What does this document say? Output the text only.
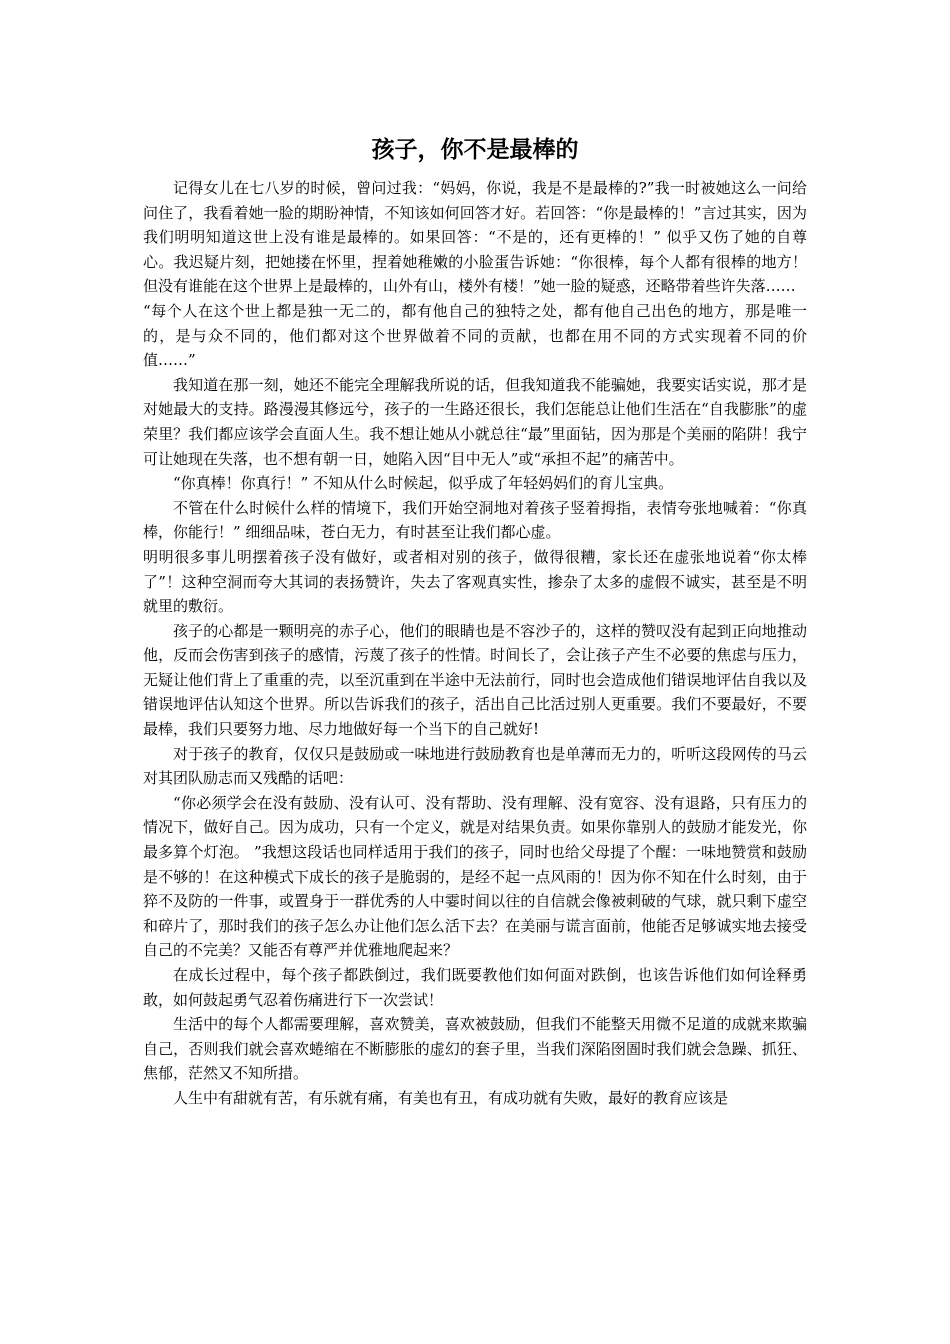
孩子，你不是最棒的

记得女儿在七八岁的时候，曾问过我：“妈妈，你说，我是不是最棒的?”我一时被她这么一问给问住了，我看着她一脸的期盼神情，不知该如何回答才好。若回答：“你是最棒的！”言过其实，因为我们明明知道这世上没有谁是最棒的。如果回答：“不是的，还有更棒的！” 似乎又伤了她的自尊心。我迟疑片刻，把她搂在怀里，捏着她稚嫩的小脸蛋告诉她：“你很棒，每个人都有很棒的地方！但没有谁能在这个世界上是最棒的，山外有山，楼外有楼！”她一脸的疑惑，还略带着些许失落……

“每个人在这个世上都是独一无二的，都有他自己的独特之处，都有他自己出色的地方，那是唯一的，是与众不同的，他们都对这个世界做着不同的贡献，也都在用不同的方式实现着不同的价值……”

我知道在那一刻，她还不能完全理解我所说的话，但我知道我不能骗她，我要实话实说，那才是对她最大的支持。路漫漫其修远兮，孩子的一生路还很长，我们怎能总让他们生活在“自我膨胀”的虚荣里？我们都应该学会直面人生。我不想让她从小就总往“最”里面钻，因为那是个美丽的陷阱！我宁可让她现在失落，也不想有朝一日，她陷入因“目中无人”或“承担不起”的痛苦中。

“你真棒！你真行！” 不知从什么时候起，似乎成了年轻妈妈们的育儿宝典。

不管在什么时候什么样的情境下，我们开始空洞地对着孩子竖着拇指，表情夸张地喊着：“你真棒，你能行！” 细细品味，苍白无力，有时甚至让我们都心虚。

明明很多事儿明摆着孩子没有做好，或者相对别的孩子，做得很糟，家长还在虚张地说着“你太棒了”！这种空洞而夸大其词的表扬赞许，失去了客观真实性，掺杂了太多的虚假不诚实，甚至是不明就里的敷衍。

孩子的心都是一颗明亮的赤子心，他们的眼睛也是不容沙子的，这样的赞叹没有起到正向地推动他，反而会伤害到孩子的感情，污蔑了孩子的性情。时间长了，会让孩子产生不必要的焦虑与压力，无疑让他们背上了重重的壳，以至沉重到在半途中无法前行，同时也会造成他们错误地评估自我以及错误地评估认知这个世界。所以告诉我们的孩子，活出自己比活过别人更重要。我们不要最好，不要最棒，我们只要努力地、尽力地做好每一个当下的自己就好!

对于孩子的教育，仅仅只是鼓励或一味地进行鼓励教育也是单薄而无力的，听听这段网传的马云对其团队励志而又残酷的话吧：

“你必须学会在没有鼓励、没有认可、没有帮助、没有理解、没有宽容、没有退路，只有压力的情况下，做好自己。因为成功，只有一个定义，就是对结果负责。如果你靠别人的鼓励才能发光，你最多算个灯泡。 ”我想这段话也同样适用于我们的孩子，同时也给父母提了个醒：一味地赞赏和鼓励是不够的！在这种模式下成长的孩子是脆弱的，是经不起一点风雨的！因为你不知在什么时刻，由于猝不及防的一件事，或置身于一群优秀的人中霎时间以往的自信就会像被刺破的气球，就只剩下虚空和碎片了，那时我们的孩子怎么办让他们怎么活下去？在美丽与谎言面前，他能否足够诚实地去接受自己的不完美？又能否有尊严并优雅地爬起来？

在成长过程中，每个孩子都跌倒过，我们既要教他们如何面对跌倒，也该告诉他们如何诠释勇敢，如何鼓起勇气忍着伤痛进行下一次尝试！

生活中的每个人都需要理解，喜欢赞美，喜欢被鼓励，但我们不能整天用微不足道的成就来欺骗自己，否则我们就会喜欢蜷缩在不断膨胀的虚幻的套子里，当我们深陷囹圄时我们就会急躁、抓狂、焦郁，茫然又不知所措。

人生中有甜就有苦，有乐就有痛，有美也有丑，有成功就有失败，最好的教育应该是
